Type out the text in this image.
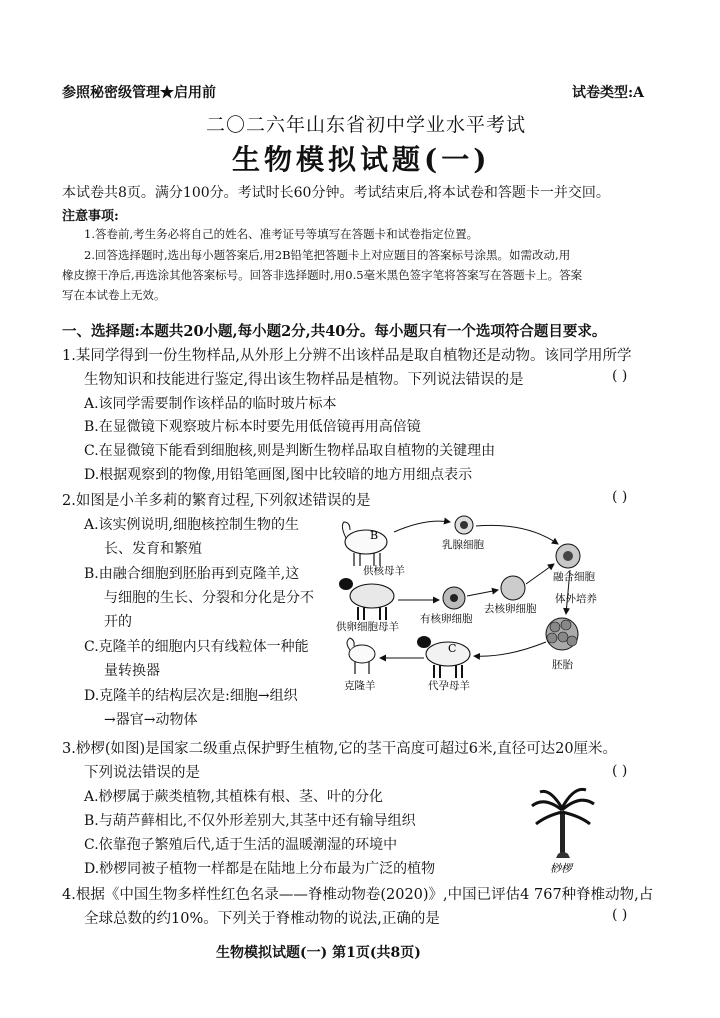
参照秘密级管理★启用前	试卷类型:A
二〇二六年山东省初中学业水平考试
生物模拟试题(一)
本试卷共8页。满分100分。考试时长60分钟。考试结束后,将本试卷和答题卡一并交回。
注意事项:
1.答卷前,考生务必将自己的姓名、准考证号等填写在答题卡和试卷指定位置。
2.回答选择题时,选出每小题答案后,用2B铅笔把答题卡上对应题目的答案标号涂黑。如需改动,用
橡皮擦干净后,再选涂其他答案标号。回答非选择题时,用0.5毫米黑色签字笔将答案写在答题卡上。答案
写在本试卷上无效。
一、选择题:本题共20小题,每小题2分,共40分。每小题只有一个选项符合题目要求。
1.某同学得到一份生物样品,从外形上分辨不出该样品是取自植物还是动物。该同学用所学
生物知识和技能进行鉴定,得出该生物样品是植物。下列说法错误的是	( )
A.该同学需要制作该样品的临时玻片标本
B.在显微镜下观察玻片标本时要先用低倍镜再用高倍镜
C.在显微镜下能看到细胞核,则是判断生物样品取自植物的关键理由
D.根据观察到的物像,用铅笔画图,图中比较暗的地方用细点表示
2.如图是小羊多莉的繁育过程,下列叙述错误的是	( )
A.该实例说明,细胞核控制生物的生
长、发育和繁殖
B.由融合细胞到胚胎再到克隆羊,这
与细胞的生长、分裂和分化是分不
开的
C.克隆羊的细胞内只有线粒体一种能
量转换器
D.克隆羊的结构层次是:细胞→组织
→器官→动物体
B
供核母羊
乳腺细胞
融合细胞
体外培养
供卵细胞母羊
有核卵细胞
去核卵细胞
胚胎
C
代孕母羊
克隆羊
3.桫椤(如图)是国家二级重点保护野生植物,它的茎干高度可超过6米,直径可达20厘米。
下列说法错误的是	( )
A.桫椤属于蕨类植物,其植株有根、茎、叶的分化
B.与葫芦藓相比,不仅外形差别大,其茎中还有输导组织
C.依靠孢子繁殖后代,适于生活的温暖潮湿的环境中
D.桫椤同被子植物一样都是在陆地上分布最为广泛的植物	桫椤
4.根据《中国生物多样性红色名录——脊椎动物卷(2020)》,中国已评估4 767种脊椎动物,占
全球总数的约10%。下列关于脊椎动物的说法,正确的是	( )
生物模拟试题(一) 第1页(共8页)
